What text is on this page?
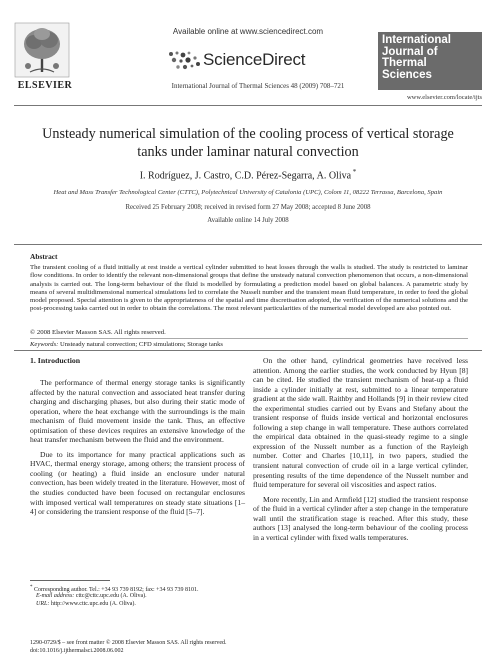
ELSEVIER
Available online at www.sciencedirect.com
ScienceDirect
International Journal of Thermal Sciences 48 (2009) 708–721
International
Journal of
Thermal
Sciences
www.elsevier.com/locate/ijts
Unsteady numerical simulation of the cooling process of vertical storage
tanks under laminar natural convection
I. Rodríguez, J. Castro, C.D. Pérez-Segarra, A. Oliva *
Heat and Mass Transfer Technological Center (CTTC), Polytechnical University of Catalonia (UPC), Colom 11, 08222 Terrassa, Barcelona, Spain
Received 25 February 2008; received in revised form 27 May 2008; accepted 8 June 2008
Available online 14 July 2008
Abstract
The transient cooling of a fluid initially at rest inside a vertical cylinder submitted to heat losses through the walls is studied. The study is restricted to laminar flow conditions. In order to identify the relevant non-dimensional groups that define the unsteady natural convection phenomenon that occurs, a non-dimensional analysis is carried out. The long-term behaviour of the fluid is modelled by formulating a prediction model based on global balances. A parametric study by means of several multidimensional numerical simulations led to correlate the Nusselt number and the transient mean fluid temperature, in order to feed the global model proposed. Special attention is given to the appropriateness of the spatial and time discretisation adopted, the verification of the numerical solutions and the post-processing tasks carried out in order to obtain the correlations. The most relevant particularities of the numerical model developed are also pointed out.
© 2008 Elsevier Masson SAS. All rights reserved.
Keywords: Unsteady natural convection; CFD simulations; Storage tanks
1. Introduction

The performance of thermal energy storage tanks is significantly affected by the natural convection and associated heat transfer during charging and discharging phases, but also during their static mode of operation, where the heat exchange with the surroundings is the main mechanism of fluid movement inside the tank. Thus, an effective optimisation of these devices requires an extensive knowledge of the heat transfer mechanism between the fluid and the environment.

Due to its importance for many practical applications such as HVAC, thermal energy storage, among others; the transient process of cooling (or heating) a fluid inside an enclosure under natural convection, has been widely treated in the literature. However, most of the studies conducted have been focused on rectangular enclosures with imposed vertical wall temperatures on steady state situations [1–4] or considering the transient response of the fluid [5–7].

On the other hand, cylindrical geometries have received less attention. Among the earlier studies, the work conducted by Hyun [8] can be cited. He studied the transient mechanism of heat-up a fluid inside a cylinder initially at rest, submitted to a linear temperature gradient at the side wall. Raithby and Hollands [9] in their review cited the experimental studies carried out by Evans and Stefany about the transient response of fluids inside vertical and horizontal enclosures following a step change in wall temperature. These authors correlated the empirical data obtained in the quasi-steady regime to a single expression of the Nusselt number as a function of the Rayleigh number. Cotter and Charles [10,11], in two papers, studied the transient natural convection of crude oil in a large vertical cylinder, presenting results of the time dependence of the Nusselt number and fluid temperature for several oil viscosities and aspect ratios.

More recently, Lin and Armfield [12] studied the transient response of the fluid in a vertical cylinder after a step change in the temperature wall until the stratification stage is reached. After this study, these authors [13] analysed the long-term behaviour of the cooling process in a vertical cylinder with fixed walls temperatures.

* Corresponding author. Tel.: +34 93 739 8192; fax: +34 93 739 8101.
E-mail address: cttc@cttc.upc.edu (A. Oliva).
URL: http://www.cttc.upc.edu (A. Oliva).
1290-0729/$ – see front matter © 2008 Elsevier Masson SAS. All rights reserved.
doi:10.1016/j.ijthermalsci.2008.06.002
